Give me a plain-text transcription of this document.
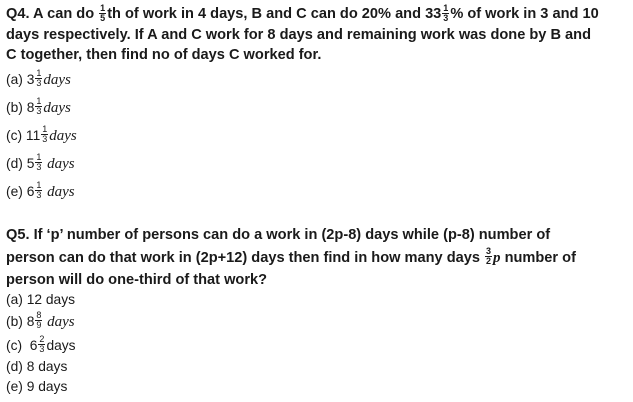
Q4. A can do $\frac{1}{5}$ th of work in 4 days, B and C can do 20% and $33 \frac{1}{3}$ % of work in 3 and 10
days respectively. If A and C work for 8 days and remaining work was done by B and
C together, then find no of days C worked for.
(a) $3 \frac{1}{3}$ days
(b) $8 \frac{1}{3}$ days
(c) $11 \frac{1}{3}$ days
(d) $5 \frac{1}{3}$ days
(e) $6 \frac{1}{3}$ days
Q5. If ‘p’ number of persons can do a work in (2p-8) days while (p-8) number of
person can do that work in (2p+12) days then find in how many days $\frac{3}{2}$ p number of
person will do one-third of that work?
(a) 12 days
(b) $8 \frac{8}{9}$ days
(c)  $6 \frac{2}{3}$ days
(d) 8 days
(e) 9 days
